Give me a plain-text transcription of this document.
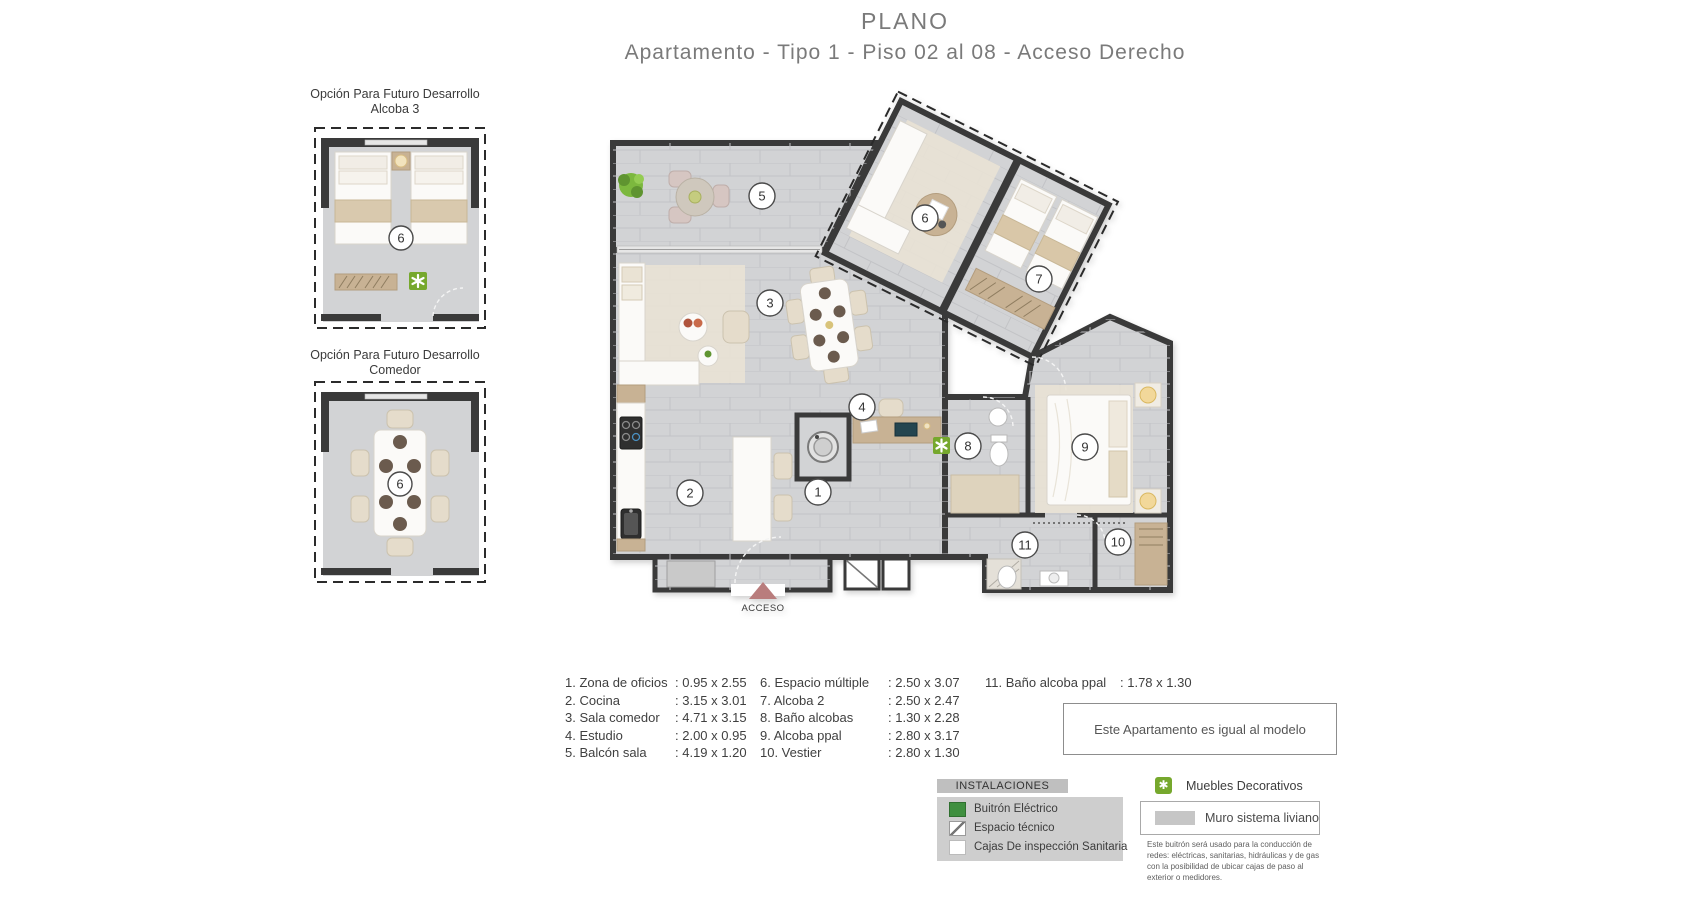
PLANO
Apartamento - Tipo 1 - Piso 02 al 08 - Acceso Derecho
Opción Para Futuro Desarrollo
Alcoba 3
6
Opción Para Futuro Desarrollo
Comedor
6
ACCESO
1
2
3
4
5
6
7
8	9
10
11
1. Zona de oficios : 0.95 x 2.55
2. Cocina	: 3.15 x 3.01
3. Sala comedor	: 4.71 x 3.15
4. Estudio	: 2.00 x 0.95
5. Balcón sala	: 4.19 x 1.20
6. Espacio múltiple	: 2.50 x 3.07
7. Alcoba 2	: 2.50 x 2.47
8. Baño alcobas	: 1.30 x 2.28
9. Alcoba ppal	: 2.80 x 3.17
10. Vestier	: 2.80 x 1.30
11. Baño alcoba ppal	: 1.78 x 1.30
Este Apartamento es igual al modelo
INSTALACIONES
Buitrón Eléctrico
Espacio técnico
Cajas De inspección Sanitaria
✱
Muebles Decorativos
Muro sistema liviano
Este buitrón será usado para la conducción de redes: eléctricas, sanitarias, hidráulicas y de gas con la posibilidad de ubicar cajas de paso al exterior o medidores.
